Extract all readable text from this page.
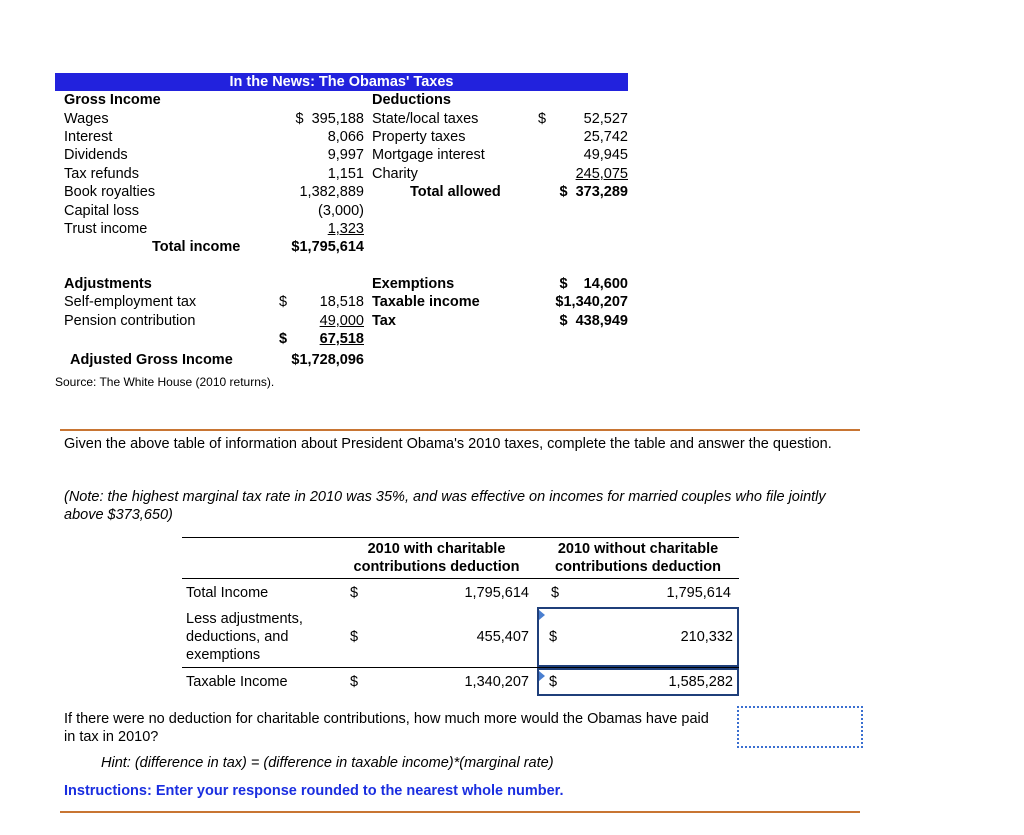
In the News: The Obamas' Taxes
	Gross Income			Deductions	
	Wages	$  395,188		State/local taxes	$ 52,527
	Interest	8,066		Property taxes	25,742
	Dividends	9,997		Mortgage interest	49,945
	Tax refunds	1,151		Charity	245,075
	Book royalties	1,382,889		Total allowed	$  373,289
	Capital loss	(3,000)			
	Trust income	1,323			
	Total income	$1,795,614			

	Adjustments			Exemptions	$    14,600
	Self-employment tax	$ 18,518		Taxable income	$1,340,207
	Pension contribution	49,000		Tax	$  438,949

		$ 67,518			
	Adjusted Gross Income	$1,728,096			
Source: The White House (2010 returns).
Given the above table of information about President Obama's 2010 taxes, complete the table and answer the question.
(Note: the highest marginal tax rate in 2010 was 35%, and was effective on incomes for married couples who file jointly above $373,650)
	2010 with charitable contributions deduction	2010 without charitable contributions deduction
Total Income	$ 1,795,614	$ 1,795,614

Less adjustments, deductions, and exemptions	$ 455,407	$ 210,332

Taxable Income	$ 1,340,207	$ 1,585,282
If there were no deduction for charitable contributions, how much more would the Obamas have paid in tax in 2010?
Hint: (difference in tax) = (difference in taxable income)*(marginal rate)
Instructions: Enter your response rounded to the nearest whole number.
